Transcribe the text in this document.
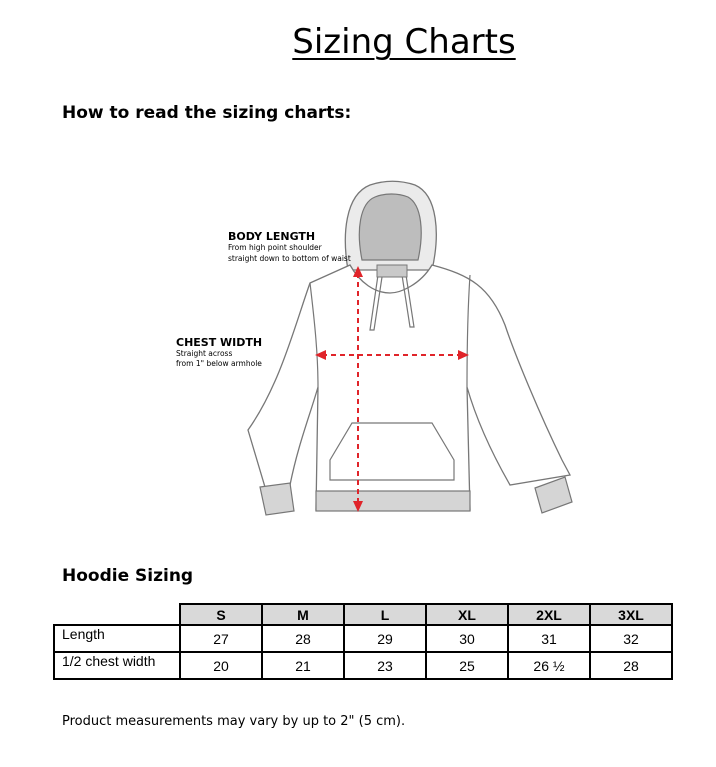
Sizing Charts
How to read the sizing charts:
BODY LENGTH
From high point shoulder
straight down to bottom of waist
CHEST WIDTH
Straight across
from 1" below armhole
Hoodie Sizing
	S	M	L	XL	2XL	3XL
Length	27	28	29	30	31	32
1/2 chest width	20	21	23	25	26 ½	28
Product measurements may vary by up to 2" (5 cm).
